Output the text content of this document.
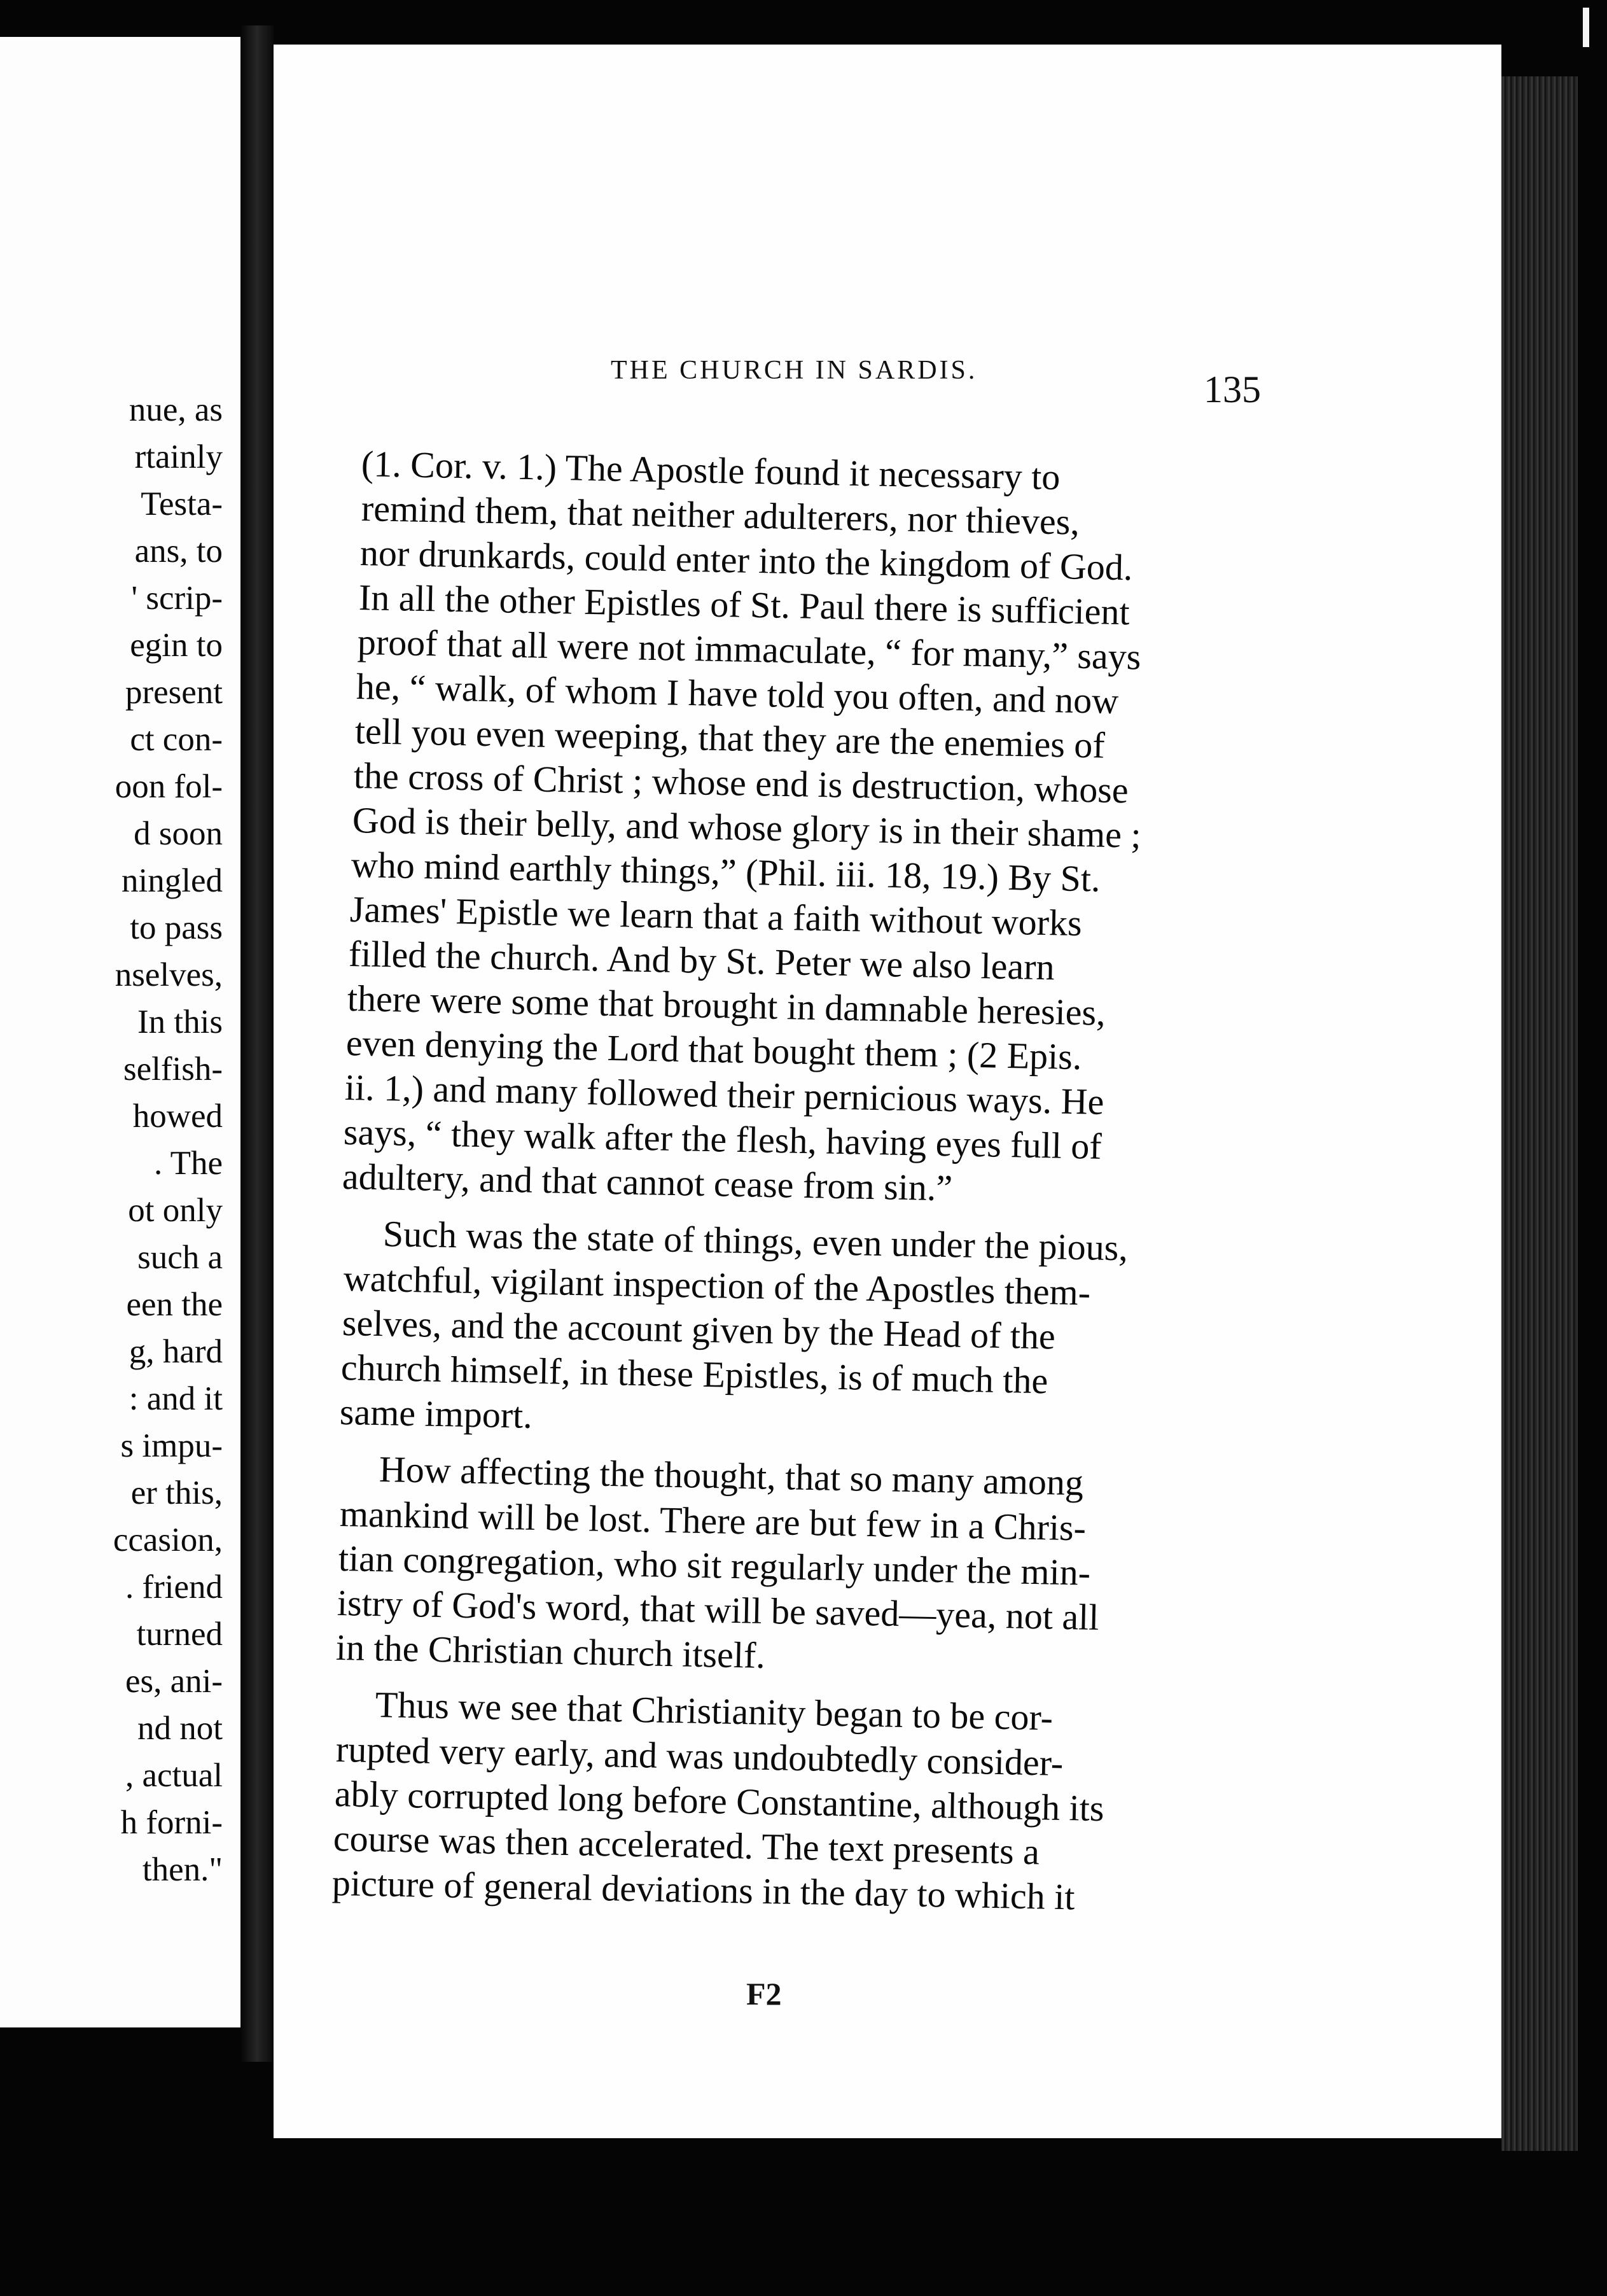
nue, as

rtainly

Testa-

ans, to

' scrip-

egin to

present

ct con-

oon fol-

d soon

ningled

to pass

nselves,

In this

selfish-

howed

. The

ot only

such a

een the

g, hard

: and it

s impu-

er this,

ccasion,

. friend

turned

es, ani-

nd not

, actual

h forni-

then."

THE CHURCH IN SARDIS.	135

(1. Cor. v. 1.) The Apostle found it necessary to

remind them, that neither adulterers, nor thieves,

nor drunkards, could enter into the kingdom of God.

In all the other Epistles of St. Paul there is sufficient

proof that all were not immaculate, “ for many,” says

he, “ walk, of whom I have told you often, and now

tell you even weeping, that they are the enemies of

the cross of Christ ; whose end is destruction, whose

God is their belly, and whose glory is in their shame ;

who mind earthly things,” (Phil. iii. 18, 19.) By St.

James' Epistle we learn that a faith without works

filled the church. And by St. Peter we also learn

there were some that brought in damnable heresies,

even denying the Lord that bought them ; (2 Epis.

ii. 1,) and many followed their pernicious ways. He

says, “ they walk after the flesh, having eyes full of

adultery, and that cannot cease from sin.”

Such was the state of things, even under the pious,

watchful, vigilant inspection of the Apostles them-

selves, and the account given by the Head of the

church himself, in these Epistles, is of much the

same import.

How affecting the thought, that so many among

mankind will be lost. There are but few in a Chris-

tian congregation, who sit regularly under the min-

istry of God's word, that will be saved—yea, not all

in the Christian church itself.

Thus we see that Christianity began to be cor-

rupted very early, and was undoubtedly consider-

ably corrupted long before Constantine, although its

course was then accelerated. The text presents a

picture of general deviations in the day to which it

F2
